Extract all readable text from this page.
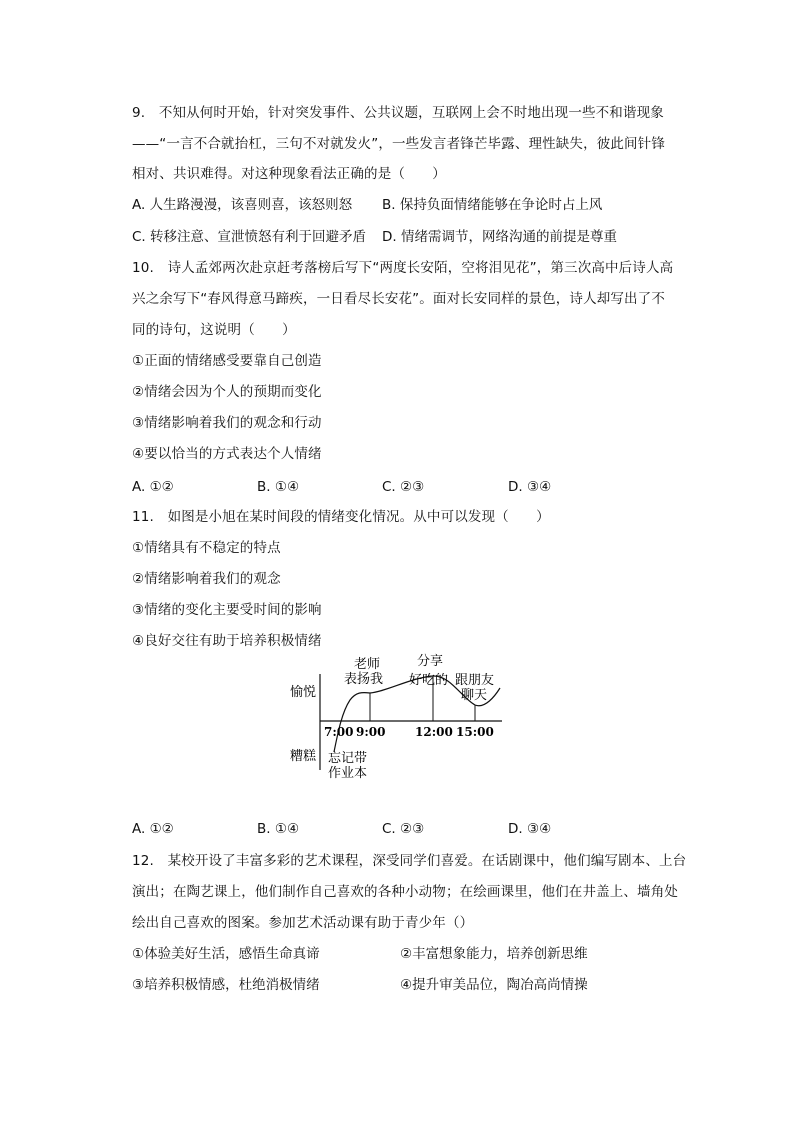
9.　不知从何时开始，针对突发事件、公共议题，互联网上会不时地出现一些不和谐现象
——“一言不合就抬杠，三句不对就发火”，一些发言者锋芒毕露、理性缺失，彼此间针锋
相对、共识难得。对这种现象看法正确的是（　　）
A. 人生路漫漫，该喜则喜，该怒则怒 B. 保持负面情绪能够在争论时占上风
C. 转移注意、宣泄愤怒有利于回避矛盾 D. 情绪需调节，网络沟通的前提是尊重
10.　诗人孟郊两次赴京赶考落榜后写下“两度长安陌，空将泪见花”，第三次高中后诗人高
兴之余写下“春风得意马蹄疾，一日看尽长安花”。面对长安同样的景色，诗人却写出了不
同的诗句，这说明（　　）
①正面的情绪感受要靠自己创造
②情绪会因为个人的预期而变化
③情绪影响着我们的观念和行动
④要以恰当的方式表达个人情绪
A. ①②	B. ①④	C. ②③	D. ③④
11.　如图是小旭在某时间段的情绪变化情况。从中可以发现（　　）
①情绪具有不稳定的特点
②情绪影响着我们的观念
③情绪的变化主要受时间的影响
④良好交往有助于培养积极情绪
愉悦
糟糕
7:00 9:00 12:00 15:00
忘记带
作业本
老师
表扬我
分享
好吃的 跟朋友
聊天
A. ①②	B. ①④	C. ②③	D. ③④
12.　某校开设了丰富多彩的艺术课程，深受同学们喜爱。在话剧课中，他们编写剧本、上台
演出；在陶艺课上，他们制作自己喜欢的各种小动物；在绘画课里，他们在井盖上、墙角处
绘出自己喜欢的图案。参加艺术活动课有助于青少年（）
①体验美好生活，感悟生命真谛	②丰富想象能力，培养创新思维
③培养积极情感，杜绝消极情绪	④提升审美品位，陶冶高尚情操
